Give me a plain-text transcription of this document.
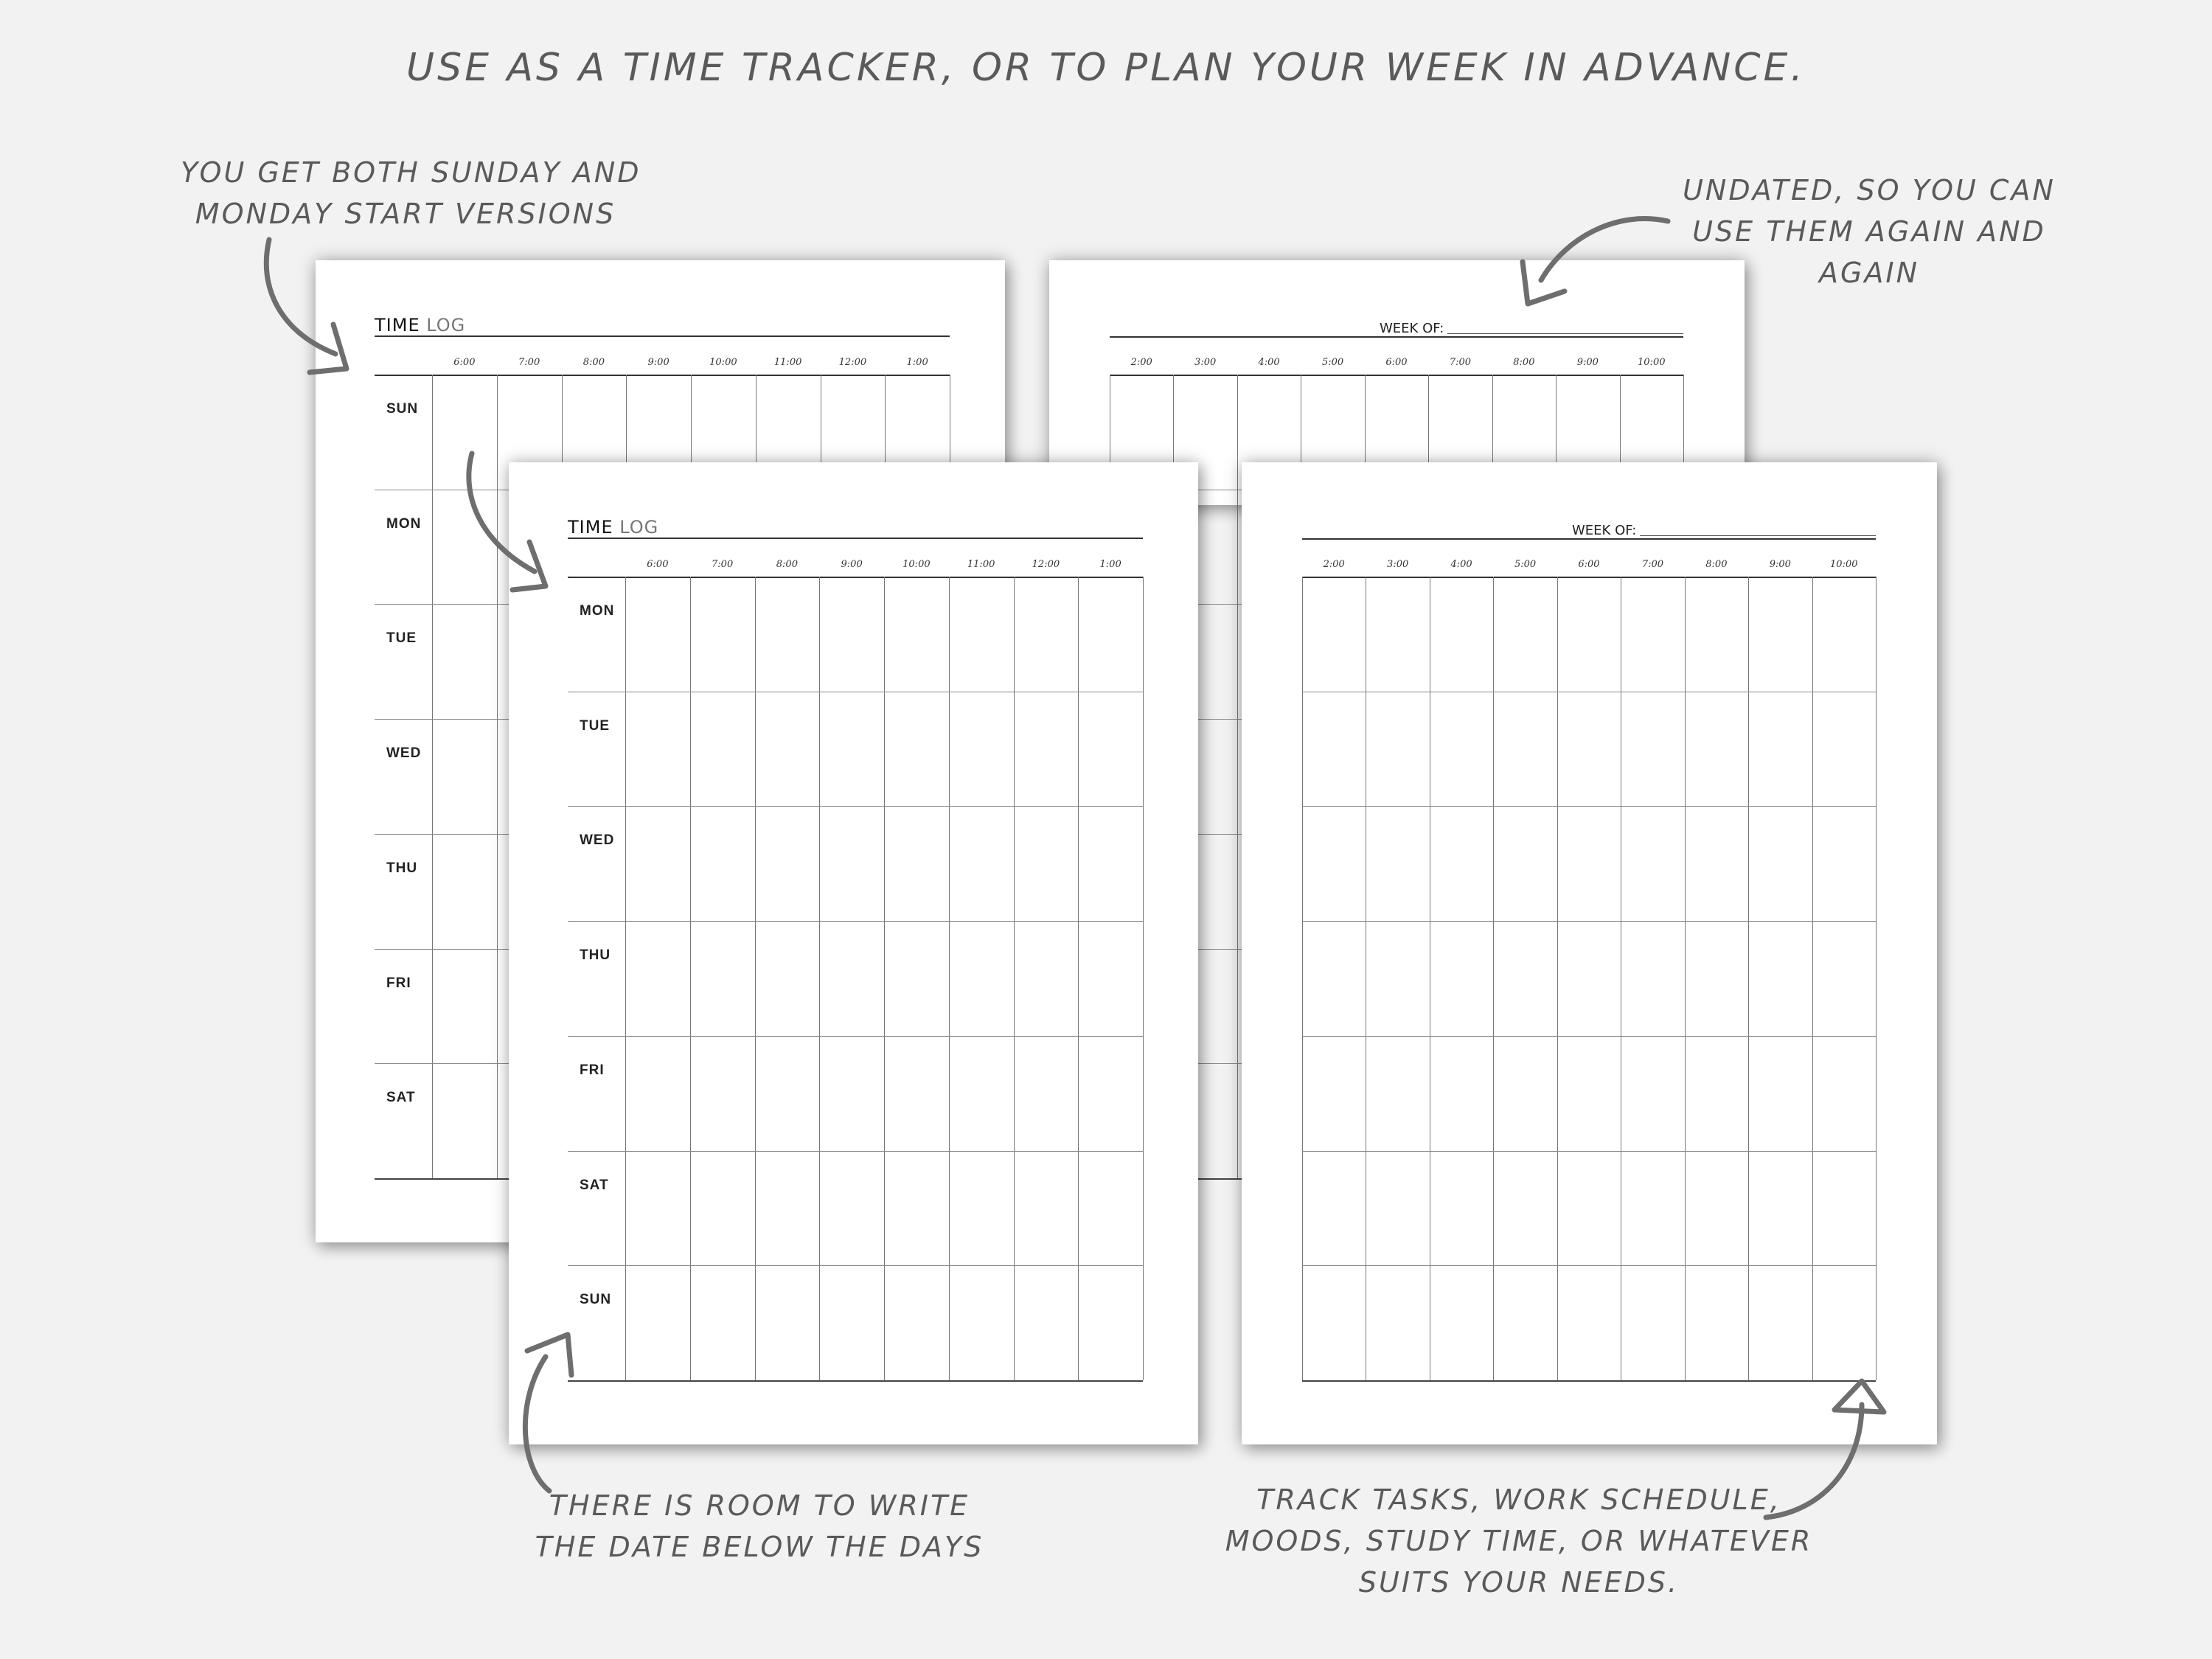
USE AS A TIME TRACKER, OR TO PLAN YOUR WEEK IN ADVANCE.
TIME LOG
6:00	7:00	8:00	9:00	10:00	11:00	12:00	1:00
SUN
MON
TUE
WED
THU
FRI
SAT
WEEK OF:
2:00	3:00	4:00	5:00	6:00	7:00	8:00	9:00	10:00
TIME LOG
6:00	7:00	8:00	9:00	10:00	11:00	12:00	1:00
MON
TUE
WED
THU
FRI
SAT
SUN
WEEK OF:
2:00	3:00	4:00	5:00	6:00	7:00	8:00	9:00	10:00
YOU GET BOTH SUNDAY AND
MONDAY START VERSIONS
UNDATED, SO YOU CAN
USE THEM AGAIN AND
AGAIN
THERE IS ROOM TO WRITE
THE DATE BELOW THE DAYS
TRACK TASKS, WORK SCHEDULE,
MOODS, STUDY TIME, OR WHATEVER
SUITS YOUR NEEDS.
